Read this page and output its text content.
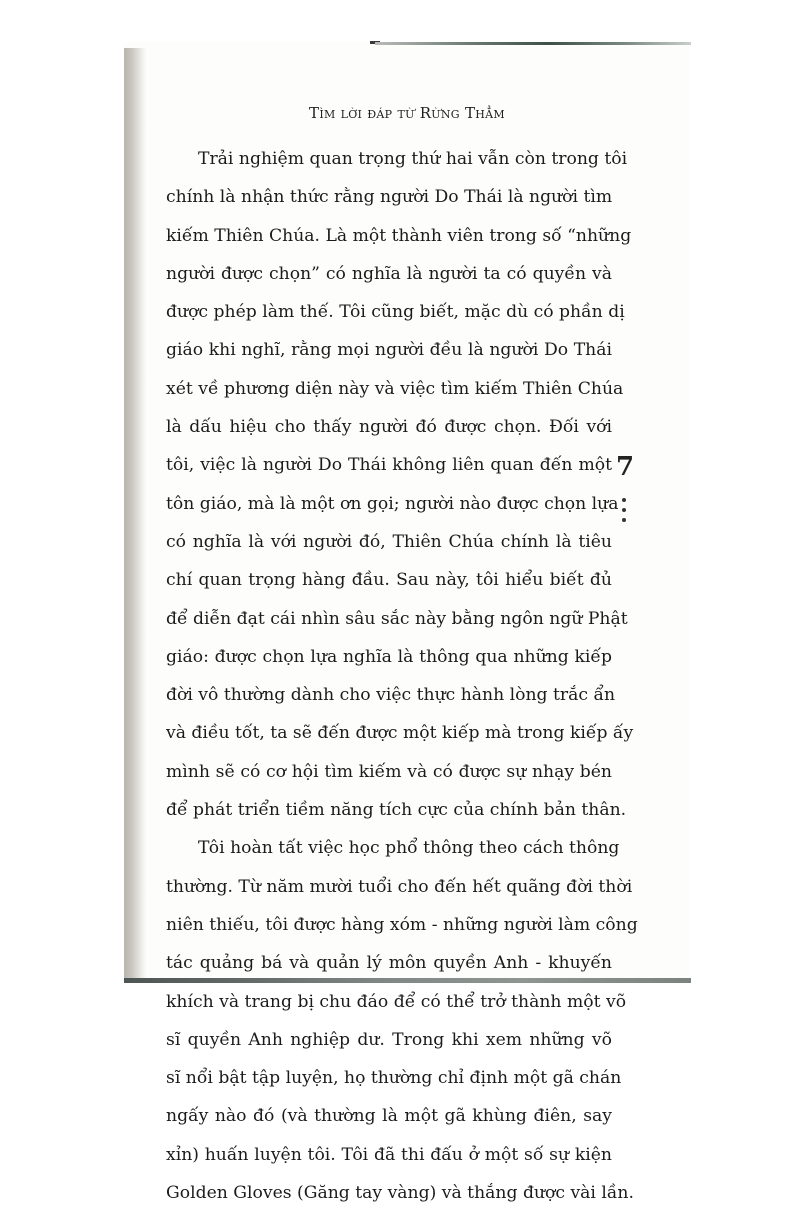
Tìm lời đáp từ Rừng Thẳm
Trải nghiệm quan trọng thứ hai vẫn còn trong tôi
chính là nhận thức rằng người Do Thái là người tìm
kiếm Thiên Chúa. Là một thành viên trong số “những
người được chọn” có nghĩa là người ta có quyền và
được phép làm thế. Tôi cũng biết, mặc dù có phần dị
giáo khi nghĩ, rằng mọi người đều là người Do Thái
xét về phương diện này và việc tìm kiếm Thiên Chúa
là dấu hiệu cho thấy người đó được chọn. Đối với
tôi, việc là người Do Thái không liên quan đến một
tôn giáo, mà là một ơn gọi; người nào được chọn lựa
có nghĩa là với người đó, Thiên Chúa chính là tiêu
chí quan trọng hàng đầu. Sau này, tôi hiểu biết đủ
để diễn đạt cái nhìn sâu sắc này bằng ngôn ngữ Phật
giáo: được chọn lựa nghĩa là thông qua những kiếp
đời vô thường dành cho việc thực hành lòng trắc ẩn
và điều tốt, ta sẽ đến được một kiếp mà trong kiếp ấy
mình sẽ có cơ hội tìm kiếm và có được sự nhạy bén
để phát triển tiềm năng tích cực của chính bản thân.
Tôi hoàn tất việc học phổ thông theo cách thông
thường. Từ năm mười tuổi cho đến hết quãng đời thời
niên thiếu, tôi được hàng xóm - những người làm công
tác quảng bá và quản lý môn quyền Anh - khuyến
khích và trang bị chu đáo để có thể trở thành một võ
sĩ quyền Anh nghiệp dư. Trong khi xem những võ
sĩ nổi bật tập luyện, họ thường chỉ định một gã chán
ngấy nào đó (và thường là một gã khùng điên, say
xỉn) huấn luyện tôi. Tôi đã thi đấu ở một số sự kiện
Golden Gloves (Găng tay vàng) và thắng được vài lần.
7
